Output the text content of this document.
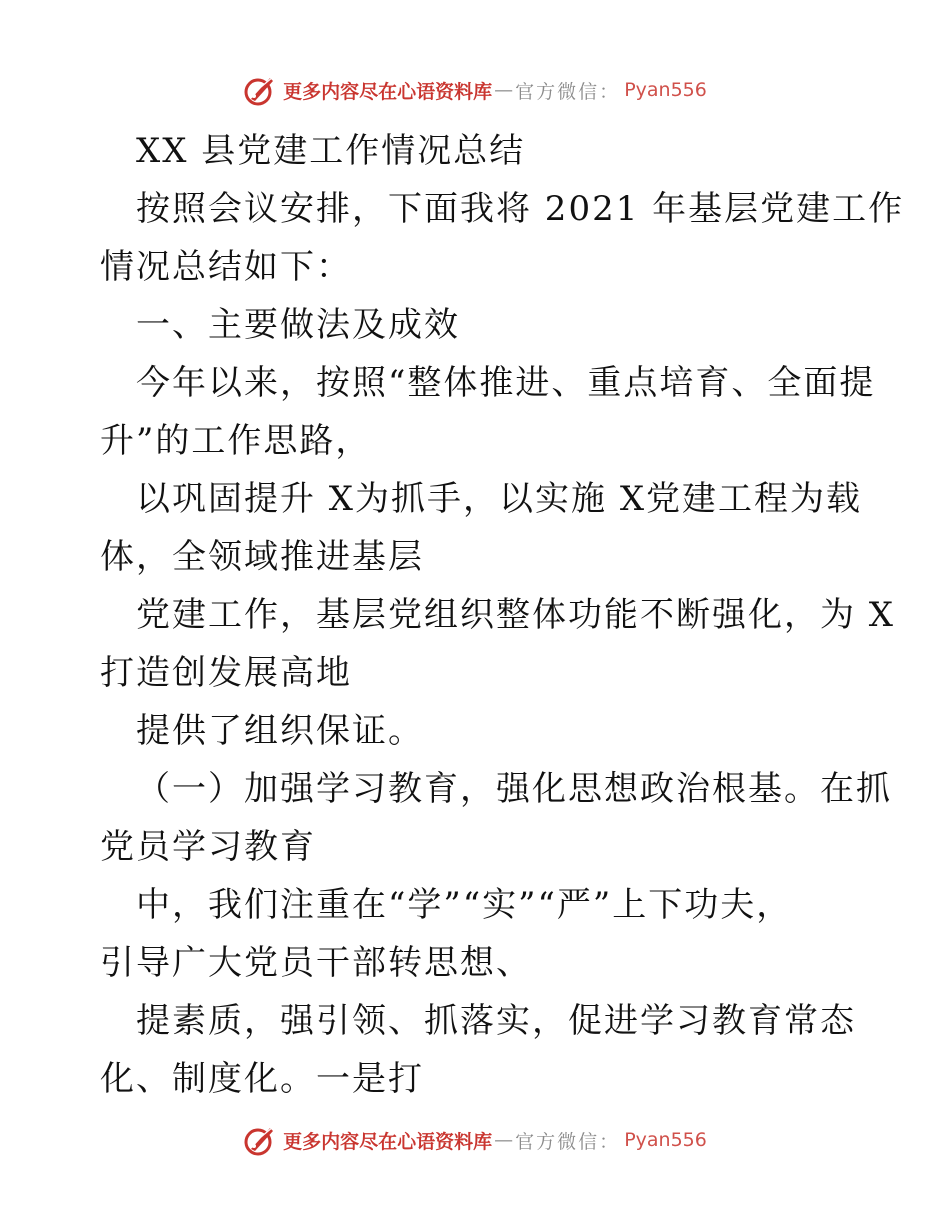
更多内容尽在心语资料库 — 官方微信： Pyan556
XX 县党建工作情况总结
按照会议安排，下面我将 2021 年基层党建工作
情况总结如下：
一、主要做法及成效
今年以来，按照“整体推进、重点培育、全面提
升”的工作思路，
以巩固提升 X为抓手，以实施 X党建工程为载
体，全领域推进基层
党建工作，基层党组织整体功能不断强化，为 X
打造创发展高地
提供了组织保证。
（一）加强学习教育，强化思想政治根基。在抓
党员学习教育
中，我们注重在“学”“实”“严”上下功夫，
引导广大党员干部转思想、
提素质，强引领、抓落实，促进学习教育常态
化、制度化。一是打
更多内容尽在心语资料库 — 官方微信： Pyan556
